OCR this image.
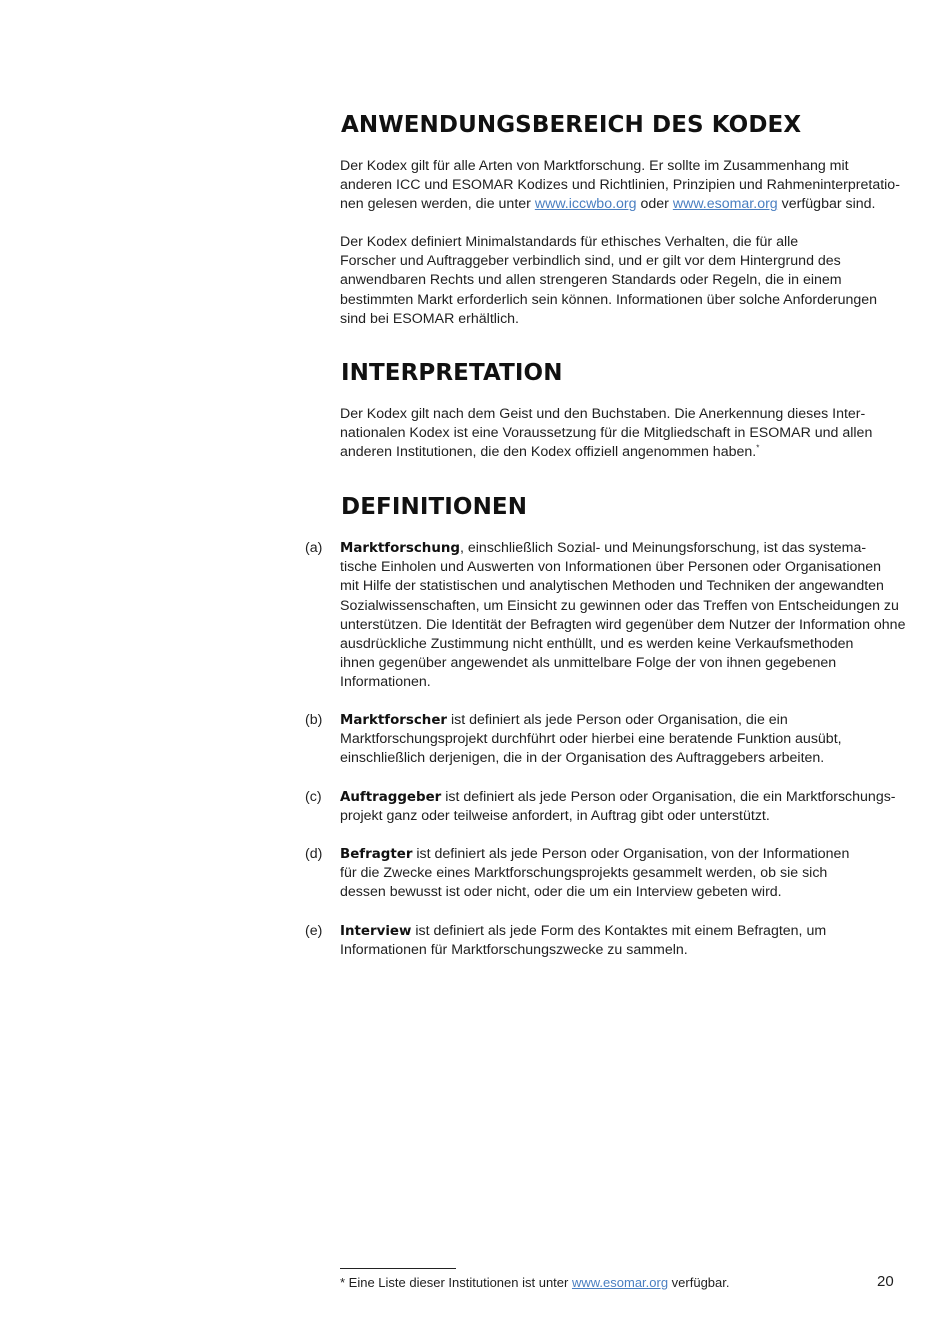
ANWENDUNGSBEREICH DES KODEX
Der Kodex gilt für alle Arten von Marktforschung. Er sollte im Zusammenhang mit
anderen ICC und ESOMAR Kodizes und Richtlinien, Prinzipien und Rahmeninterpretatio-
nen gelesen werden, die unter www.iccwbo.org oder www.esomar.org verfügbar sind.
Der Kodex definiert Minimalstandards für ethisches Verhalten, die für alle
Forscher und Auftraggeber verbindlich sind, und er gilt vor dem Hintergrund des
anwendbaren Rechts und allen strengeren Standards oder Regeln, die in einem
bestimmten Markt erforderlich sein können. Informationen über solche Anforderungen
sind bei ESOMAR erhältlich.
INTERPRETATION
Der Kodex gilt nach dem Geist und den Buchstaben. Die Anerkennung dieses Inter-
nationalen Kodex ist eine Voraussetzung für die Mitgliedschaft in ESOMAR und allen
anderen Institutionen, die den Kodex offiziell angenommen haben.*
DEFINITIONEN
(a) Marktforschung, einschließlich Sozial- und Meinungsforschung, ist das systema-
tische Einholen und Auswerten von Informationen über Personen oder Organisationen
mit Hilfe der statistischen und analytischen Methoden und Techniken der angewandten
Sozialwissenschaften, um Einsicht zu gewinnen oder das Treffen von Entscheidungen zu
unterstützen. Die Identität der Befragten wird gegenüber dem Nutzer der Information ohne
ausdrückliche Zustimmung nicht enthüllt, und es werden keine Verkaufsmethoden
ihnen gegenüber angewendet als unmittelbare Folge der von ihnen gegebenen
Informationen.
(b) Marktforscher ist definiert als jede Person oder Organisation, die ein
Marktforschungsprojekt durchführt oder hierbei eine beratende Funktion ausübt,
einschließlich derjenigen, die in der Organisation des Auftraggebers arbeiten.
(c) Auftraggeber ist definiert als jede Person oder Organisation, die ein Marktforschungs-
projekt ganz oder teilweise anfordert, in Auftrag gibt oder unterstützt.
(d) Befragter ist definiert als jede Person oder Organisation, von der Informationen
für die Zwecke eines Marktforschungsprojekts gesammelt werden, ob sie sich
dessen bewusst ist oder nicht, oder die um ein Interview gebeten wird.
(e) Interview ist definiert als jede Form des Kontaktes mit einem Befragten, um
Informationen für Marktforschungszwecke zu sammeln.
* Eine Liste dieser Institutionen ist unter www.esomar.org verfügbar.	20
